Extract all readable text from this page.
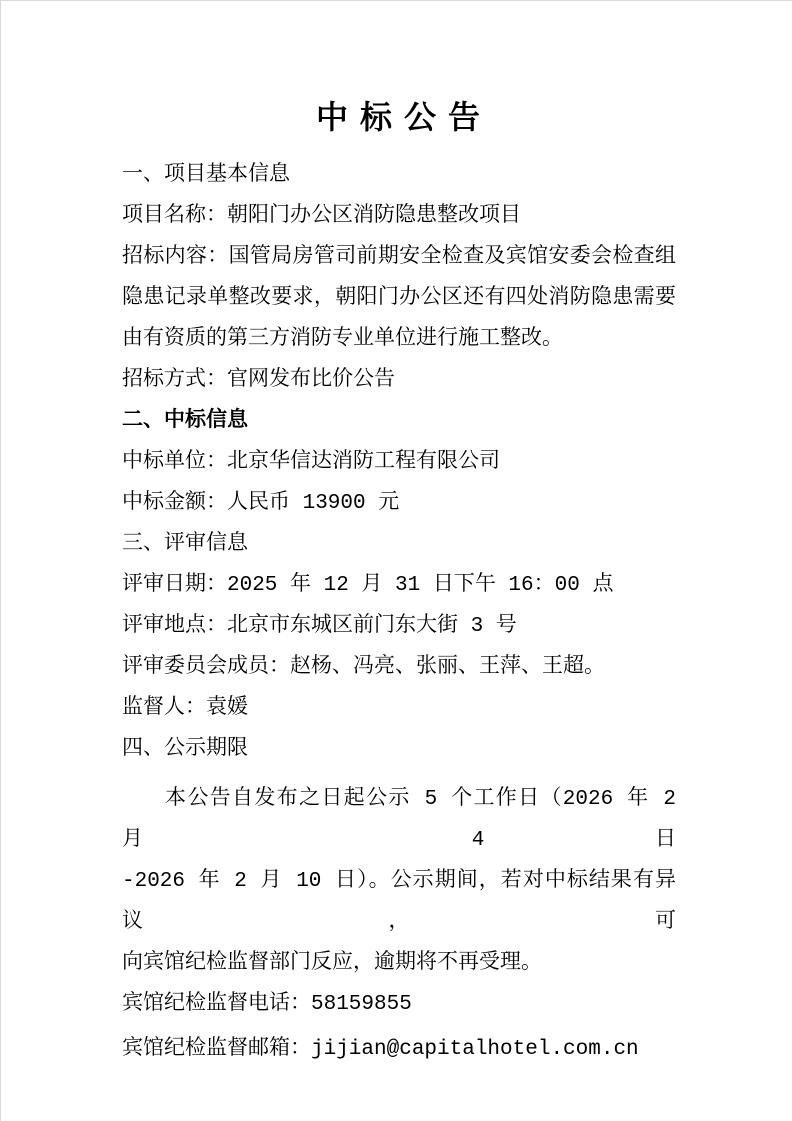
中 标 公 告

一、项目基本信息

项目名称：朝阳门办公区消防隐患整改项目

招标内容：国管局房管司前期安全检查及宾馆安委会检查组

隐患记录单整改要求，朝阳门办公区还有四处消防隐患需要

由有资质的第三方消防专业单位进行施工整改。

招标方式：官网发布比价公告

二、中标信息

中标单位：北京华信达消防工程有限公司

中标金额：人民币 13900 元

三、评审信息

评审日期：2025 年 12 月 31 日下午 16：00 点

评审地点：北京市东城区前门东大街 3 号

评审委员会成员：赵杨、冯亮、张丽、王萍、王超。

监督人：袁媛

四、公示期限

本公告自发布之日起公示 5 个工作日（2026 年 2 月 4 日

-2026 年 2 月 10 日）。公示期间，若对中标结果有异议，可

向宾馆纪检监督部门反应，逾期将不再受理。

宾馆纪检监督电话：58159855

宾馆纪检监督邮箱：jijian@capitalhotel.com.cn
